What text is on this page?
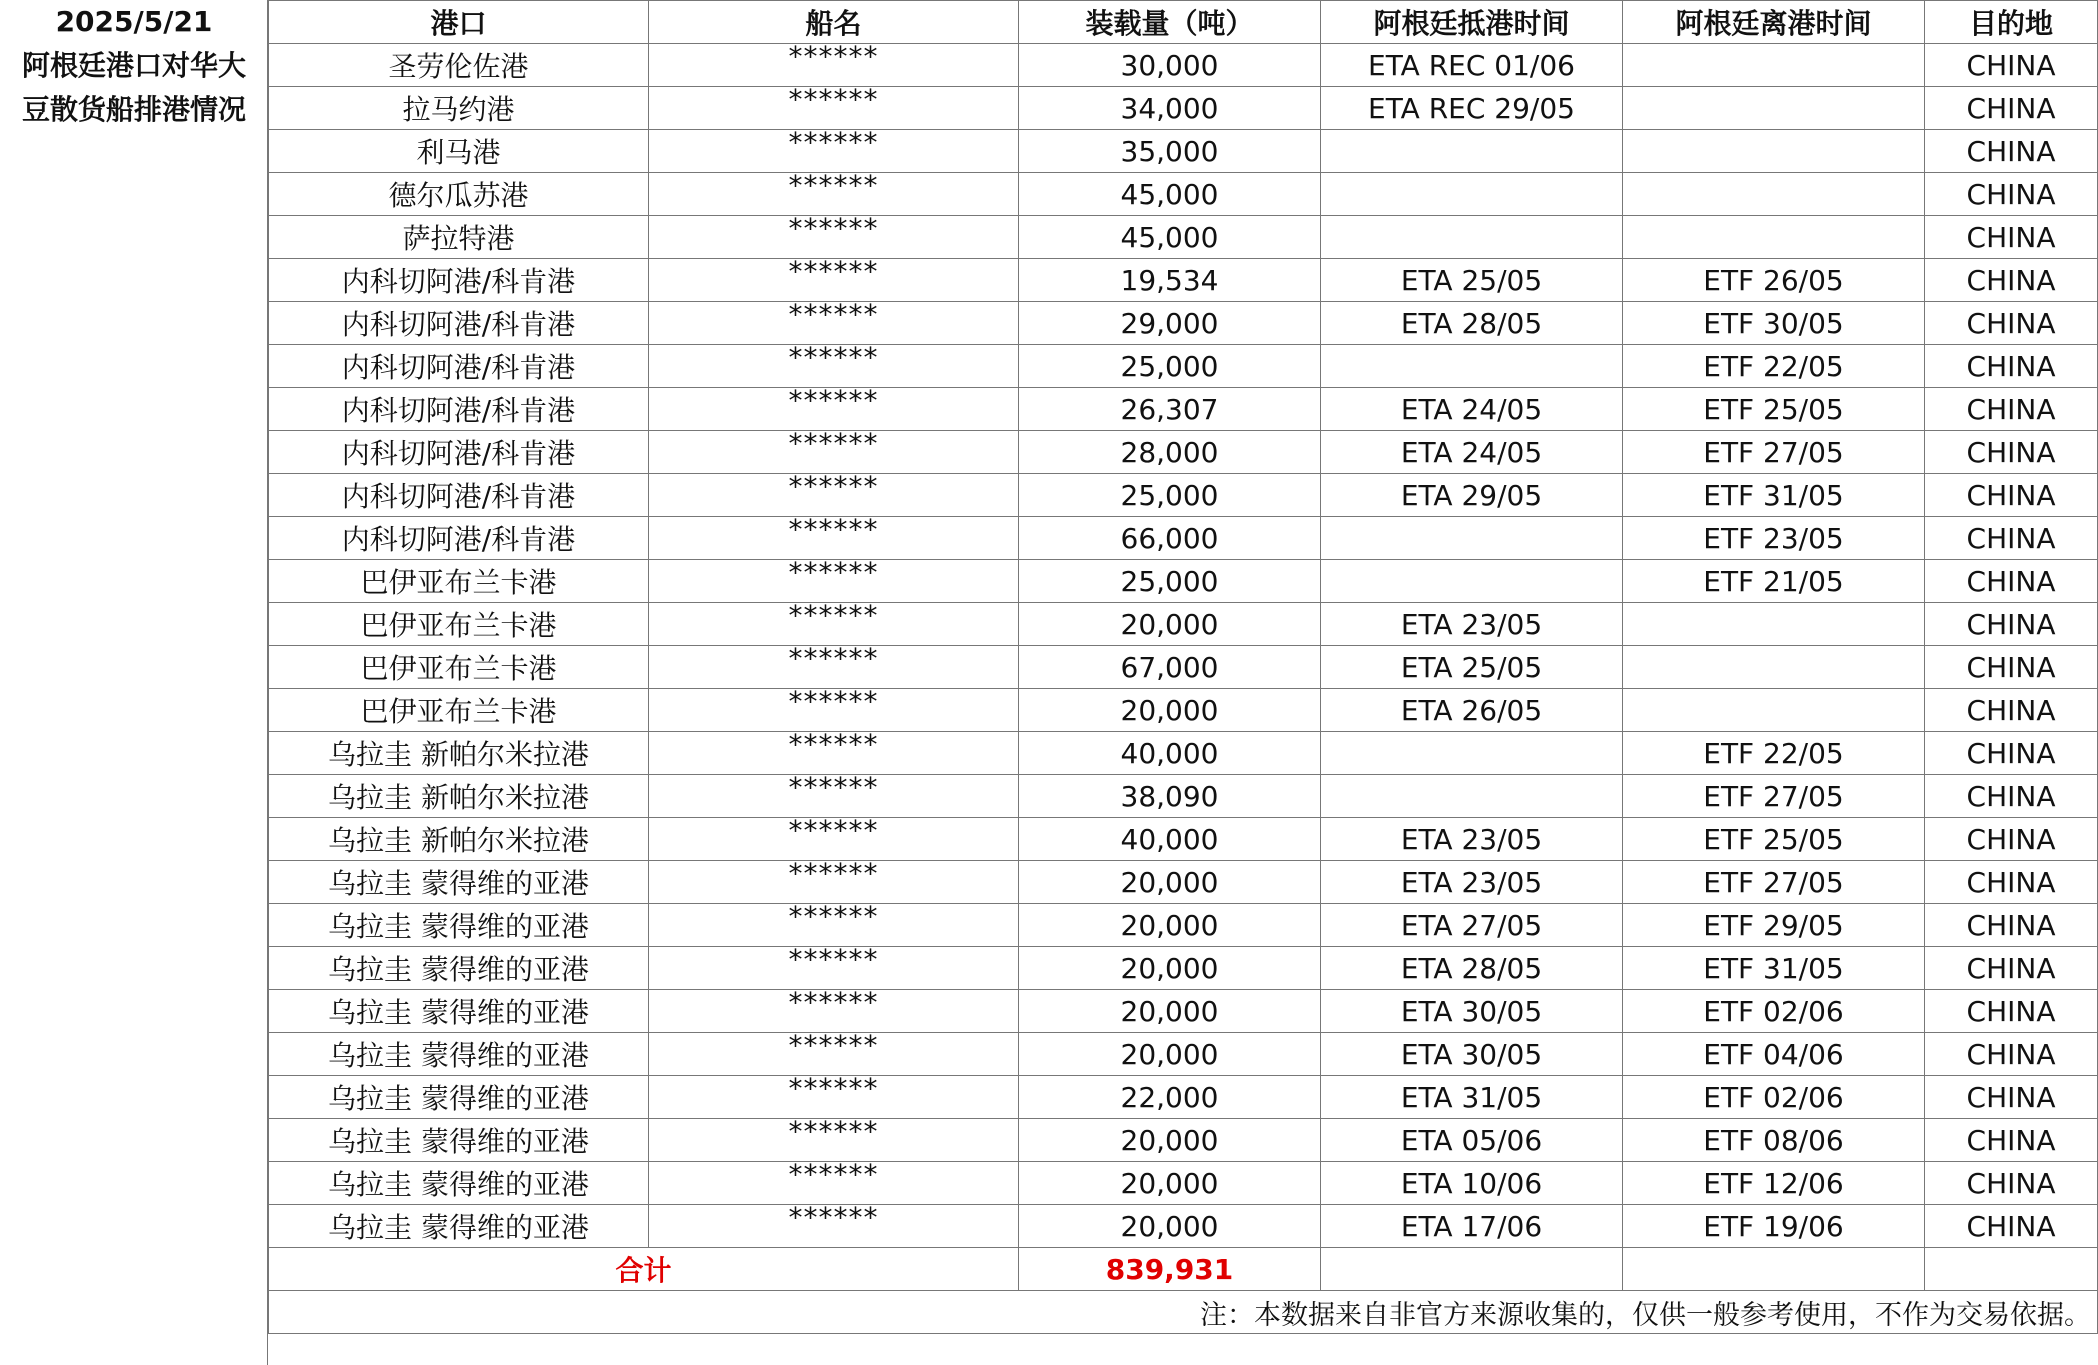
2025/5/21
阿根廷港口对华大
豆散货船排港情况
港口	船名	装载量（吨）	阿根廷抵港时间	阿根廷离港时间	目的地
圣劳伦佐港	******	30,000	ETA REC 01/06		CHINA
拉马约港	******	34,000	ETA REC 29/05		CHINA
利马港	******	35,000			CHINA
德尔瓜苏港	******	45,000			CHINA
萨拉特港	******	45,000			CHINA
内科切阿港/科肯港	******	19,534	ETA 25/05	ETF 26/05	CHINA
内科切阿港/科肯港	******	29,000	ETA 28/05	ETF 30/05	CHINA
内科切阿港/科肯港	******	25,000		ETF 22/05	CHINA
内科切阿港/科肯港	******	26,307	ETA 24/05	ETF 25/05	CHINA
内科切阿港/科肯港	******	28,000	ETA 24/05	ETF 27/05	CHINA
内科切阿港/科肯港	******	25,000	ETA 29/05	ETF 31/05	CHINA
内科切阿港/科肯港	******	66,000		ETF 23/05	CHINA
巴伊亚布兰卡港	******	25,000		ETF 21/05	CHINA
巴伊亚布兰卡港	******	20,000	ETA 23/05		CHINA
巴伊亚布兰卡港	******	67,000	ETA 25/05		CHINA
巴伊亚布兰卡港	******	20,000	ETA 26/05		CHINA
乌拉圭 新帕尔米拉港	******	40,000		ETF 22/05	CHINA
乌拉圭 新帕尔米拉港	******	38,090		ETF 27/05	CHINA
乌拉圭 新帕尔米拉港	******	40,000	ETA 23/05	ETF 25/05	CHINA
乌拉圭 蒙得维的亚港	******	20,000	ETA 23/05	ETF 27/05	CHINA
乌拉圭 蒙得维的亚港	******	20,000	ETA 27/05	ETF 29/05	CHINA
乌拉圭 蒙得维的亚港	******	20,000	ETA 28/05	ETF 31/05	CHINA
乌拉圭 蒙得维的亚港	******	20,000	ETA 30/05	ETF 02/06	CHINA
乌拉圭 蒙得维的亚港	******	20,000	ETA 30/05	ETF 04/06	CHINA
乌拉圭 蒙得维的亚港	******	22,000	ETA 31/05	ETF 02/06	CHINA
乌拉圭 蒙得维的亚港	******	20,000	ETA 05/06	ETF 08/06	CHINA
乌拉圭 蒙得维的亚港	******	20,000	ETA 10/06	ETF 12/06	CHINA
乌拉圭 蒙得维的亚港	******	20,000	ETA 17/06	ETF 19/06	CHINA
合计		839,931			
注：本数据来自非官方来源收集的，仅供一般参考使用，不作为交易依据。					
